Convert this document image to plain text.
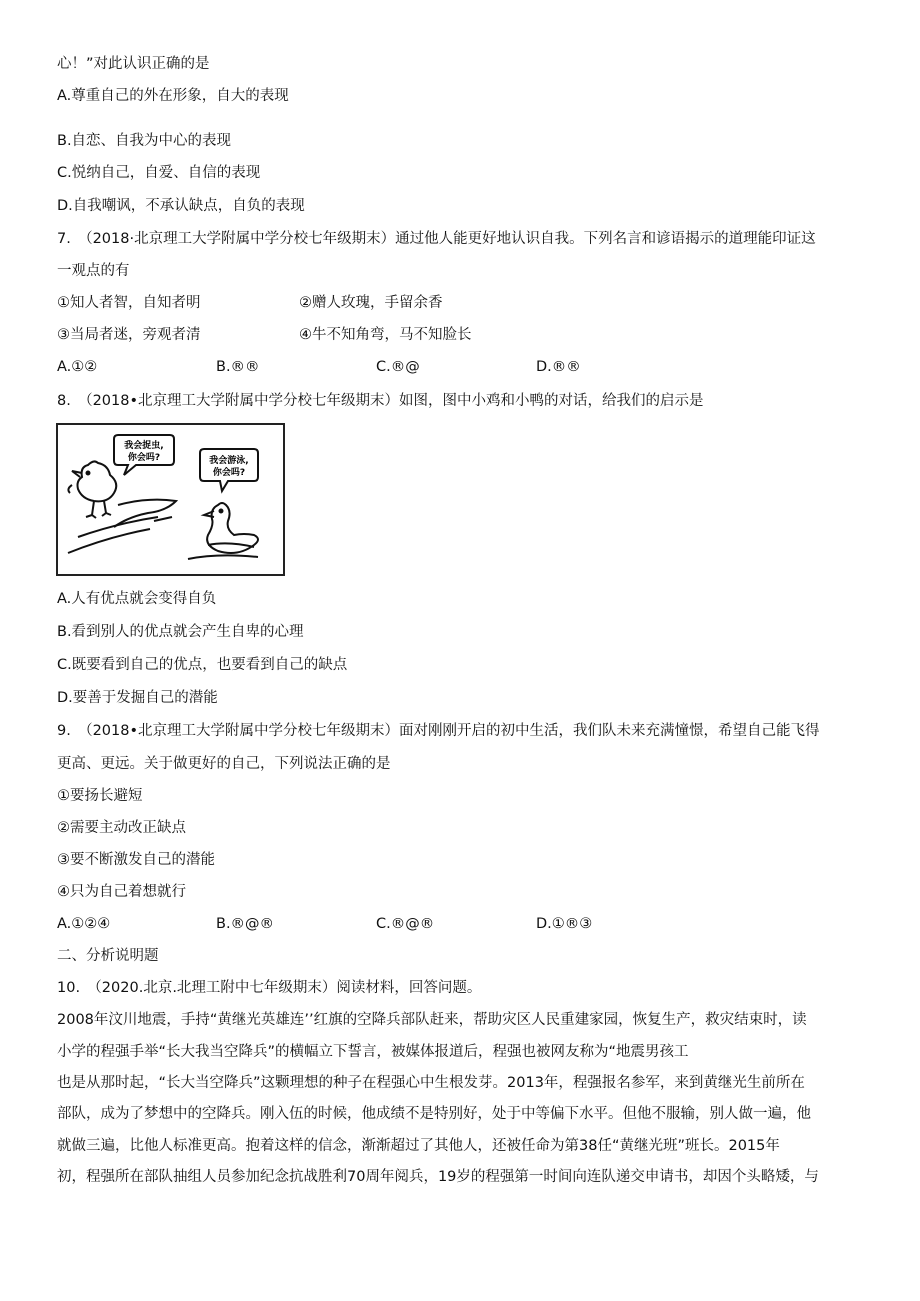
心！”对此认识正确的是
A.尊重自己的外在形象，自大的表现
B.自恋、自我为中心的表现
C.悦纳自己，自爱、自信的表现
D.自我嘲讽，不承认缺点，自负的表现
7.　（2018·北京理工大学附属中学分校七年级期末）通过他人能更好地认识自我。下列名言和谚语揭示的道理能印证这
一观点的有
①知人者智，自知者明	②赠人玫瑰，手留余香
③当局者迷，旁观者清	④牛不知角弯，马不知脸长
A.①②	B.®®	C.®@	D.®®
8.　（2018•北京理工大学附属中学分校七年级期末）如图，图中小鸡和小鸭的对话，给我们的启示是
我会捉虫,
你会吗?	我会游泳,
你会吗?
A.人有优点就会变得自负
B.看到别人的优点就会产生自卑的心理
C.既要看到自己的优点，也要看到自己的缺点
D.要善于发掘自己的潜能
9.　（2018•北京理工大学附属中学分校七年级期末）面对刚刚开启的初中生活，我们队未来充满憧憬，希望自己能飞得
更高、更远。关于做更好的自己，下列说法正确的是
①要扬长避短
②需要主动改正缺点
③要不断激发自己的潜能
④只为自己着想就行
A.①②④	B.®@®	C.®@®	D.①®③
二、分析说明题
10.　（2020.北京.北理工附中七年级期末）阅读材料，回答问题。
2008年汶川地震，手持“黄继光英雄连’’红旗的空降兵部队赶来，帮助灾区人民重建家园，恢复生产，救灾结束时，读
小学的程强手举“长大我当空降兵”的横幅立下誓言，被媒体报道后，程强也被网友称为“地震男孩工
也是从那时起，“长大当空降兵”这颗理想的种子在程强心中生根发芽。2013年，程强报名参军，来到黄继光生前所在
部队，成为了梦想中的空降兵。刚入伍的时候，他成绩不是特别好，处于中等偏下水平。但他不服输，别人做一遍，他
就做三遍，比他人标准更高。抱着这样的信念，渐渐超过了其他人，还被任命为第38任“黄继光班”班长。2015年
初，程强所在部队抽组人员参加纪念抗战胜利70周年阅兵，19岁的程强第一时间向连队递交申请书，却因个头略矮，与
